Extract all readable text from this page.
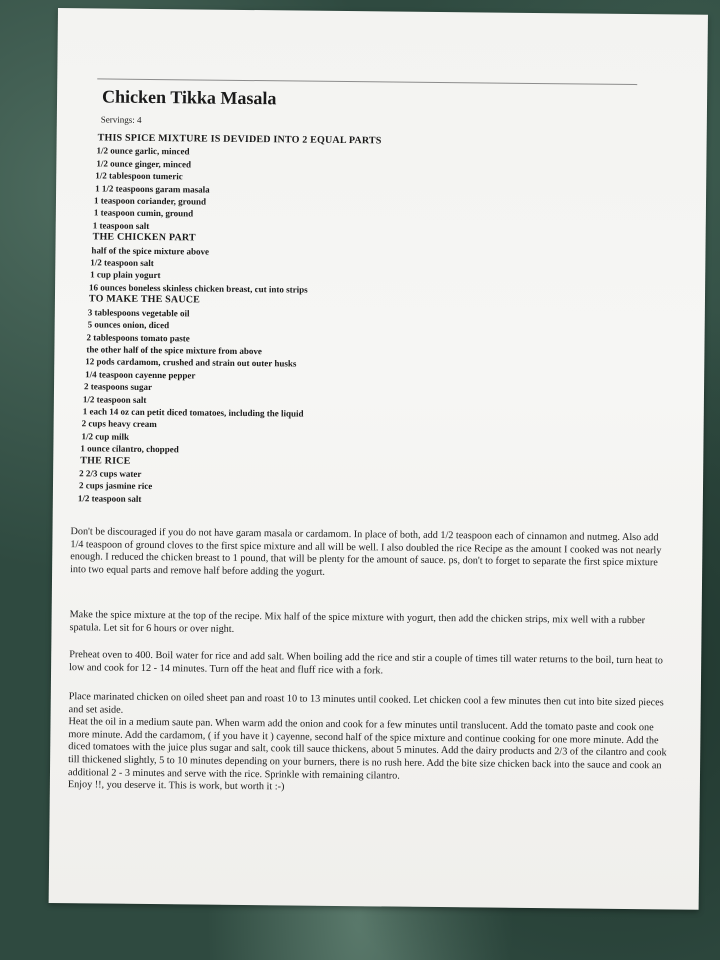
Chicken Tikka Masala
Servings: 4
THIS SPICE MIXTURE IS DEVIDED INTO 2 EQUAL PARTS
1/2 ounce garlic, minced
1/2 ounce ginger, minced
1/2 tablespoon tumeric
1 1/2 teaspoons garam masala
1 teaspoon coriander, ground
1 teaspoon cumin, ground
1 teaspoon salt
THE CHICKEN PART
half of the spice mixture above
1/2 teaspoon salt
1 cup plain yogurt
16 ounces boneless skinless chicken breast, cut into strips
TO MAKE THE SAUCE
3 tablespoons vegetable oil
5 ounces onion, diced
2 tablespoons tomato paste
the other half of the spice mixture from above
12 pods cardamom, crushed and strain out outer husks
1/4 teaspoon cayenne pepper
2 teaspoons sugar
1/2 teaspoon salt
1 each 14 oz can petit diced tomatoes, including the liquid
2 cups heavy cream
1/2 cup milk
1 ounce cilantro, chopped
THE RICE
2 2/3 cups water
2 cups jasmine rice
1/2 teaspoon salt

Don't be discouraged if you do not have garam masala or cardamom. In place of both, add 1/2 teaspoon each of cinnamon and nutmeg. Also add 1/4 teaspoon of ground cloves to the first spice mixture and all will be well. I also doubled the rice Recipe as the amount I cooked was not nearly enough. I reduced the chicken breast to 1 pound, that will be plenty for the amount of sauce. ps, don't to forget to separate the first spice mixture into two equal parts and remove half before adding the yogurt.

Make the spice mixture at the top of the recipe. Mix half of the spice mixture with yogurt, then add the chicken strips, mix well with a rubber spatula. Let sit for 6 hours or over night.

Preheat oven to 400. Boil water for rice and add salt. When boiling add the rice and stir a couple of times till water returns to the boil, turn heat to low and cook for 12 - 14 minutes. Turn off the heat and fluff rice with a fork.

Place marinated chicken on oiled sheet pan and roast 10 to 13 minutes until cooked. Let chicken cool a few minutes then cut into bite sized pieces and set aside.
Heat the oil in a medium saute pan. When warm add the onion and cook for a few minutes until translucent. Add the tomato paste and cook one more minute. Add the cardamom, ( if you have it ) cayenne, second half of the spice mixture and continue cooking for one more minute. Add the diced tomatoes with the juice plus sugar and salt, cook till sauce thickens, about 5 minutes. Add the dairy products and 2/3 of the cilantro and cook till thickened slightly, 5 to 10 minutes depending on your burners, there is no rush here. Add the bite size chicken back into the sauce and cook an additional 2 - 3 minutes and serve with the rice. Sprinkle with remaining cilantro.
Enjoy !!, you deserve it. This is work, but worth it :-)
